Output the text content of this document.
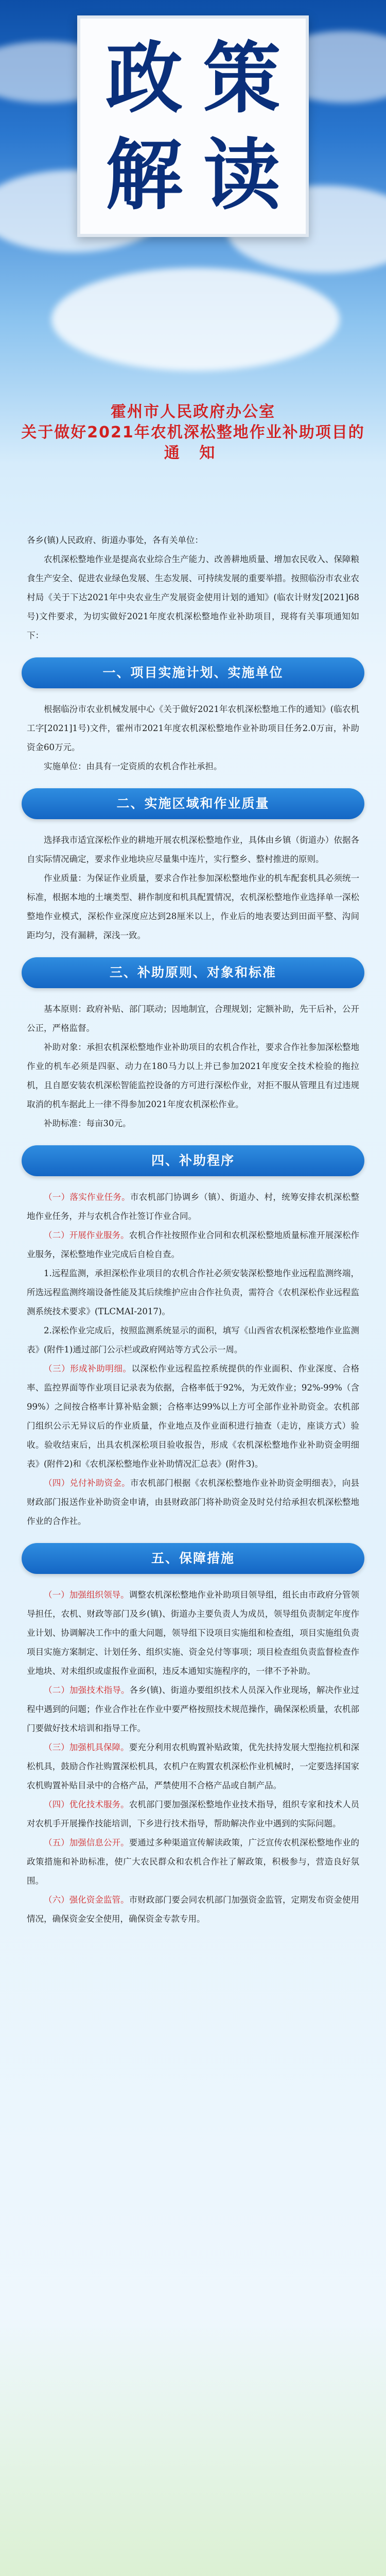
政策
解读
霍州市人民政府办公室
关于做好2021年农机深松整地作业补助项目的
通 知

各乡(镇)人民政府、街道办事处，各有关单位：

农机深松整地作业是提高农业综合生产能力、改善耕地质量、增加农民收入、保障粮食生产安全、促进农业绿色发展、生态发展、可持续发展的重要举措。按照临汾市农业农村局《关于下达2021年中央农业生产发展资金使用计划的通知》(临农计财发[2021]68号)文件要求，为切实做好2021年度农机深松整地作业补助项目，现将有关事项通知如下：

一、项目实施计划、实施单位

根据临汾市农业机械发展中心《关于做好2021年农机深松整地工作的通知》(临农机工字[2021]1号)文件，霍州市2021年度农机深松整地作业补助项目任务2.0万亩，补助资金60万元。

实施单位：由具有一定资质的农机合作社承担。

二、实施区域和作业质量

选择我市适宜深松作业的耕地开展农机深松整地作业，具体由乡镇（街道办）依据各自实际情况确定，要求作业地块应尽量集中连片，实行整乡、整村推进的原则。

作业质量：为保证作业质量，要求合作社参加深松整地作业的机车配套机具必须统一标准，根据本地的土壤类型、耕作制度和机具配置情况，农机深松整地作业选择单一深松整地作业模式，深松作业深度应达到28厘米以上，作业后的地表要达到田面平整、沟间距均匀，没有漏耕，深浅一致。

三、补助原则、对象和标准

基本原则：政府补贴、部门联动；因地制宜，合理规划；定额补助，先干后补，公开公正，严格监督。

补助对象：承担农机深松整地作业补助项目的农机合作社，要求合作社参加深松整地作业的机车必须是四驱、动力在180马力以上并已参加2021年度安全技术检验的拖拉机，且自愿安装农机深松智能监控设备的方可进行深松作业，对拒不服从管理且有过违规取消的机车据此上一律不得参加2021年度农机深松作业。

补助标准：每亩30元。

四、补助程序

（一）落实作业任务。市农机部门协调乡（镇）、街道办、村，统筹安排农机深松整地作业任务，并与农机合作社签订作业合同。

（二）开展作业服务。农机合作社按照作业合同和农机深松整地质量标准开展深松作业服务，深松整地作业完成后自检自查。

1.远程监测，承担深松作业项目的农机合作社必须安装深松整地作业远程监测终端，所选远程监测终端设备性能及其后续维护应由合作社负责，需符合《农机深松作业远程监测系统技术要求》(TLCMAI-2017)。

2.深松作业完成后，按照监测系统显示的面积，填写《山西省农机深松整地作业监测表》(附件1)通过部门公示栏或政府网站等方式公示一周。

（三）形成补助明细。以深松作业远程监控系统提供的作业面积、作业深度、合格率、监控界面等作业项目记录表为依据，合格率低于92%，为无效作业；92%-99%（含99%）之间按合格率计算补贴金额；合格率达99%以上方可全部作业补助资金。农机部门组织公示无异议后的作业质量，作业地点及作业面积进行抽查（走访，座谈方式）验收。验收结束后，出具农机深松项目验收报告，形成《农机深松整地作业补助资金明细表》(附件2)和《农机深松整地作业补助情况汇总表》(附件3)。

（四）兑付补助资金。市农机部门根据《农机深松整地作业补助资金明细表》，向县财政部门报送作业补助资金申请，由县财政部门将补助资金及时兑付给承担农机深松整地作业的合作社。

五、保障措施

（一）加强组织领导。调整农机深松整地作业补助项目领导组，组长由市政府分管领导担任，农机、财政等部门及乡(镇)、街道办主要负责人为成员，领导组负责制定年度作业计划、协调解决工作中的重大问题，领导组下设项目实施组和检查组，项目实施组负责项目实施方案制定、计划任务、组织实施、资金兑付等事项；项目检查组负责监督检查作业地块、对未组织或虚报作业面积，违反本通知实施程序的，一律不予补助。

（二）加强技术指导。各乡(镇)、街道办要组织技术人员深入作业现场，解决作业过程中遇到的问题；作业合作社在作业中要严格按照技术规范操作，确保深松质量，农机部门要做好技术培训和指导工作。

（三）加强机具保障。要充分利用农机购置补贴政策，优先扶持发展大型拖拉机和深松机具，鼓励合作社购置深松机具，农机户在购置农机深松作业机械时，一定要选择国家农机购置补贴目录中的合格产品，严禁使用不合格产品或自制产品。

（四）优化技术服务。农机部门要加强深松整地作业技术指导，组织专家和技术人员对农机手开展操作技能培训，下乡进行技术指导，帮助解决作业中遇到的实际问题。

（五）加强信息公开。要通过多种渠道宣传解读政策，广泛宣传农机深松整地作业的政策措施和补助标准，使广大农民群众和农机合作社了解政策，积极参与，营造良好氛围。

（六）强化资金监管。市财政部门要会同农机部门加强资金监管，定期发布资金使用情况，确保资金安全使用，确保资金专款专用。
